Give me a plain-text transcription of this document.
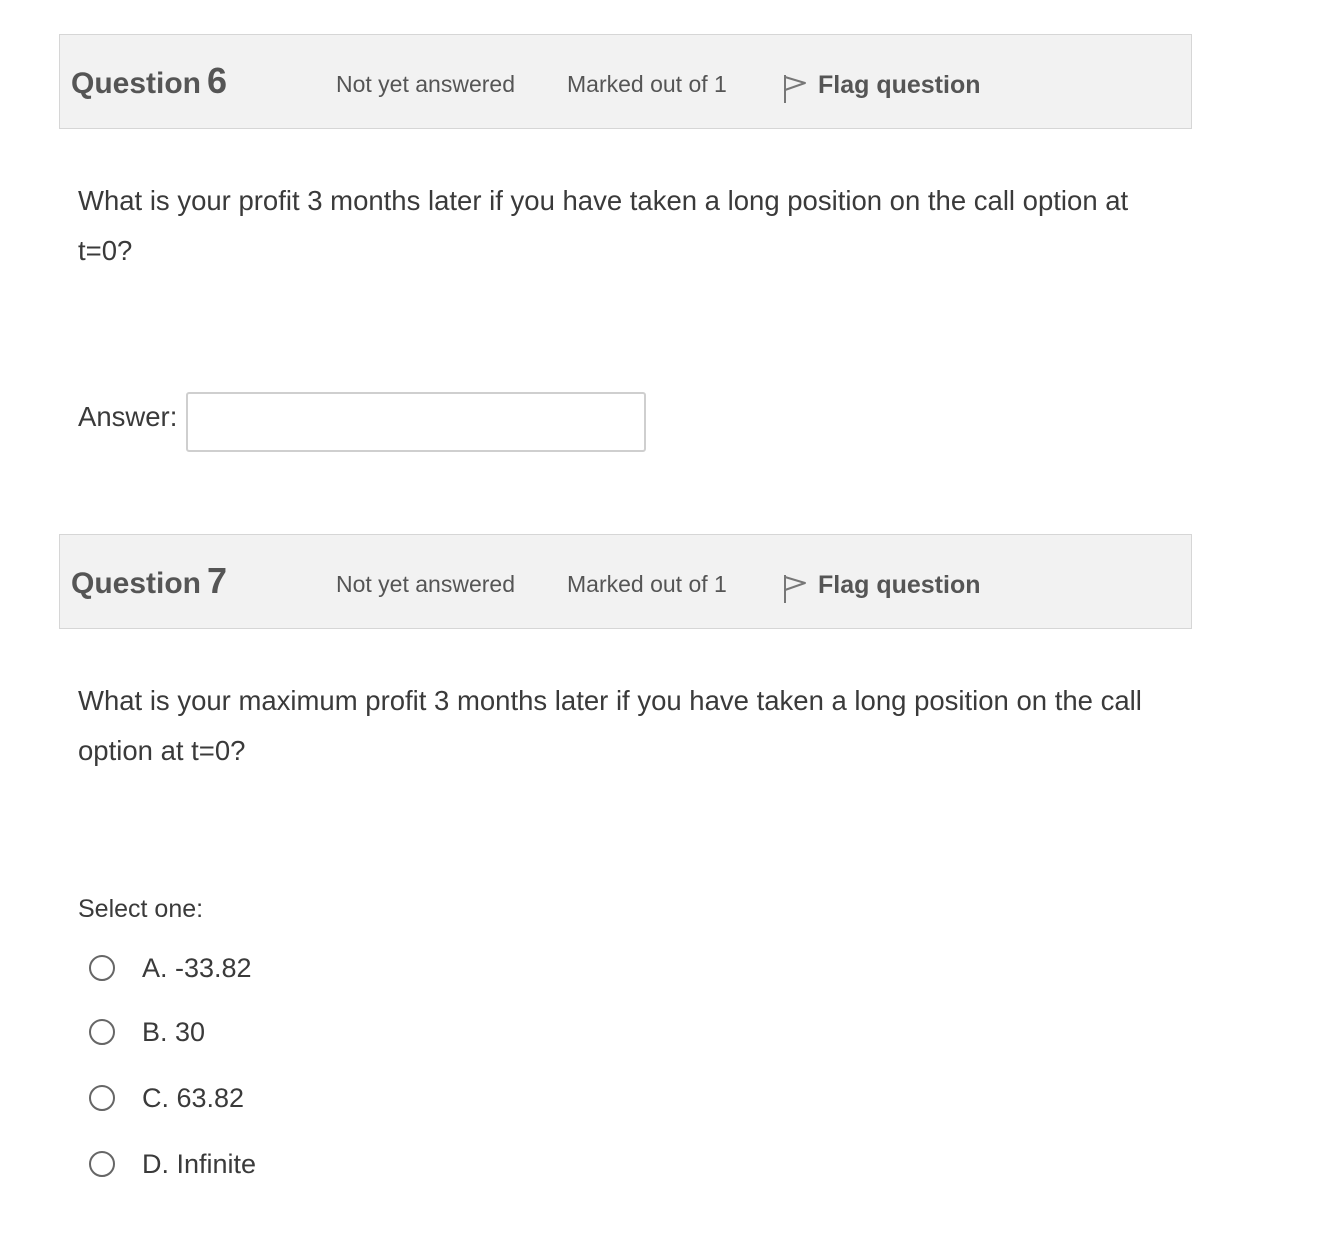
Question 6	Not yet answered Marked out of 1	Flag question
What is your profit 3 months later if you have taken a long position on the call option at t=0?
Answer:
Question 7	Not yet answered Marked out of 1	Flag question
What is your maximum profit 3 months later if you have taken a long position on the call option at t=0?
Select one:
A. -33.82
B. 30
C. 63.82
D. Infinite
